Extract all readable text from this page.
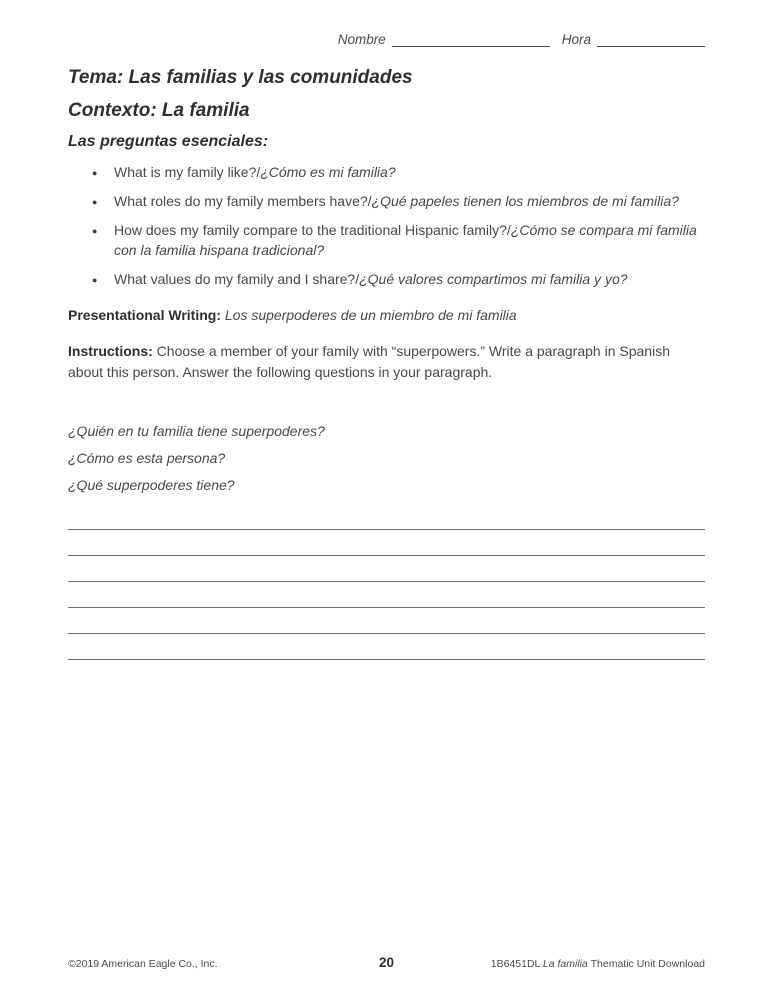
Nombre	Hora
Tema: Las familias y las comunidades
Contexto: La familia
Las preguntas esenciales:
●	What is my family like?/¿Cómo es mi familia?
●	What roles do my family members have?/¿Qué papeles tienen los miembros de mi familia?
●	How does my family compare to the traditional Hispanic family?/¿Cómo se compara mi familia con la familia hispana tradicional?
●	What values do my family and I share?/¿Qué valores compartimos mi familia y yo?

Presentational Writing: Los superpoderes de un miembro de mi familia

Instructions: Choose a member of your family with “superpowers.” Write a paragraph in Spanish about this person. Answer the following questions in your paragraph.

¿Quién en tu familia tiene superpoderes?

¿Cómo es esta persona?

¿Qué superpoderes tiene?

©2019 American Eagle Co., Inc.	20	1B6451DL La familia Thematic Unit Download
